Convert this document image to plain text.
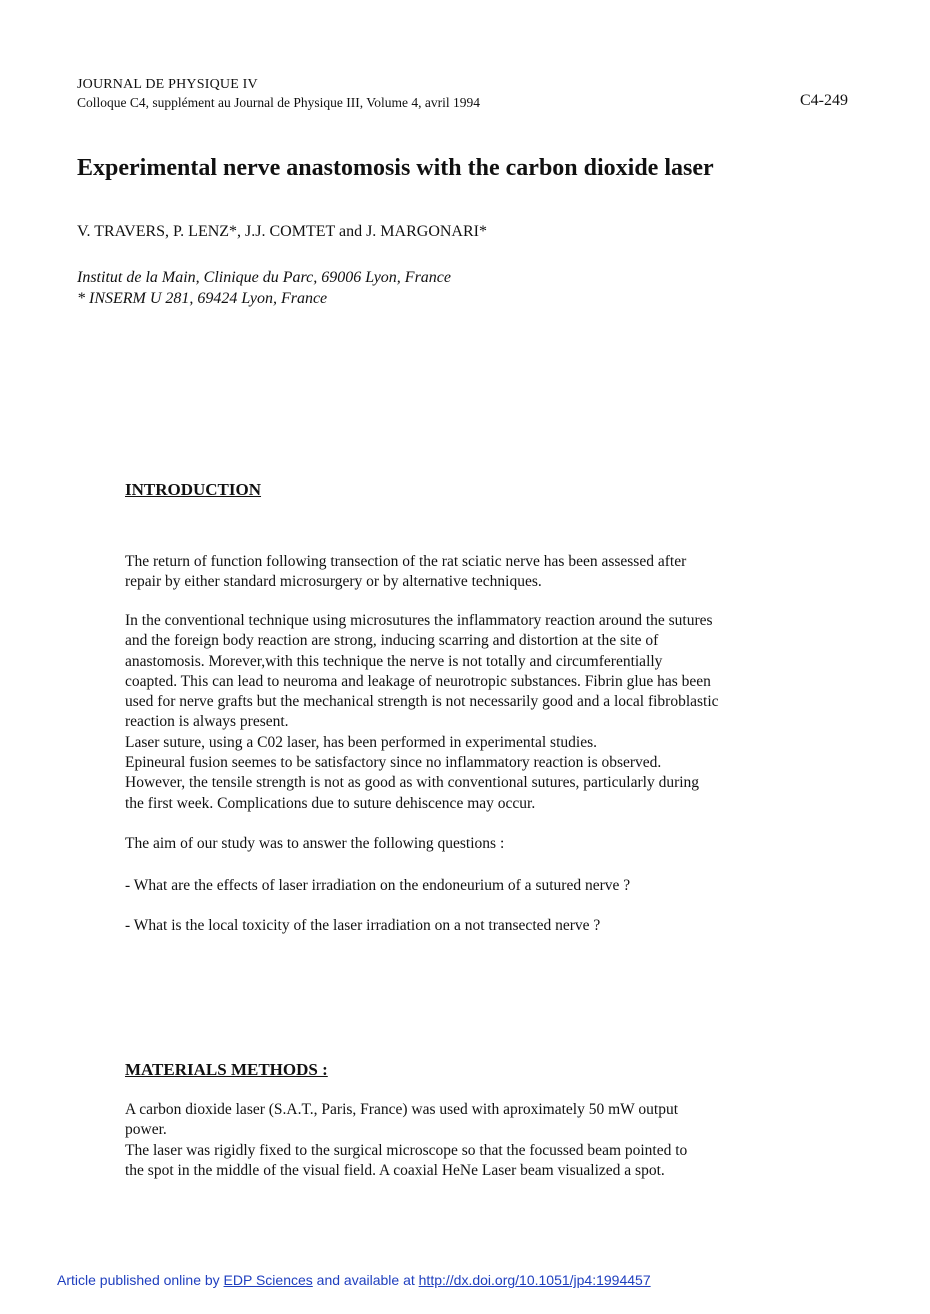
JOURNAL DE PHYSIQUE IV
Colloque C4, supplément au Journal de Physique III, Volume 4, avril 1994	C4-249
Experimental nerve anastomosis with the carbon dioxide laser
V. TRAVERS, P. LENZ*, J.J. COMTET and J. MARGONARI*
Institut de la Main, Clinique du Parc, 69006 Lyon, France
* INSERM U 281, 69424 Lyon, France
INTRODUCTION

The return of function following transection of the rat sciatic nerve has been assessed after
repair by either standard microsurgery or by alternative techniques.

In the conventional technique using microsutures the inflammatory reaction around the sutures
and the foreign body reaction are strong, inducing scarring and distortion at the site of
anastomosis. Morever,with this technique the nerve is not totally and circumferentially
coapted. This can lead to neuroma and leakage of neurotropic substances. Fibrin glue has been
used for nerve grafts but the mechanical strength is not necessarily good and a local fibroblastic
reaction is always present.
Laser suture, using a C02 laser, has been performed in experimental studies.
Epineural fusion seemes to be satisfactory since no inflammatory reaction is observed.
However, the tensile strength is not as good as with conventional sutures, particularly during
the first week. Complications due to suture dehiscence may occur.

The aim of our study was to answer the following questions :

- What are the effects of laser irradiation on the endoneurium of a sutured nerve ?

- What is the local toxicity of the laser irradiation on a not transected nerve ?

MATERIALS METHODS :

A carbon dioxide laser (S.A.T., Paris, France) was used with aproximately 50 mW output
power.
The laser was rigidly fixed to the surgical microscope so that the focussed beam pointed to
the spot in the middle of the visual field. A coaxial HeNe Laser beam visualized a spot.

Article published online by EDP Sciences and available at http://dx.doi.org/10.1051/jp4:1994457
